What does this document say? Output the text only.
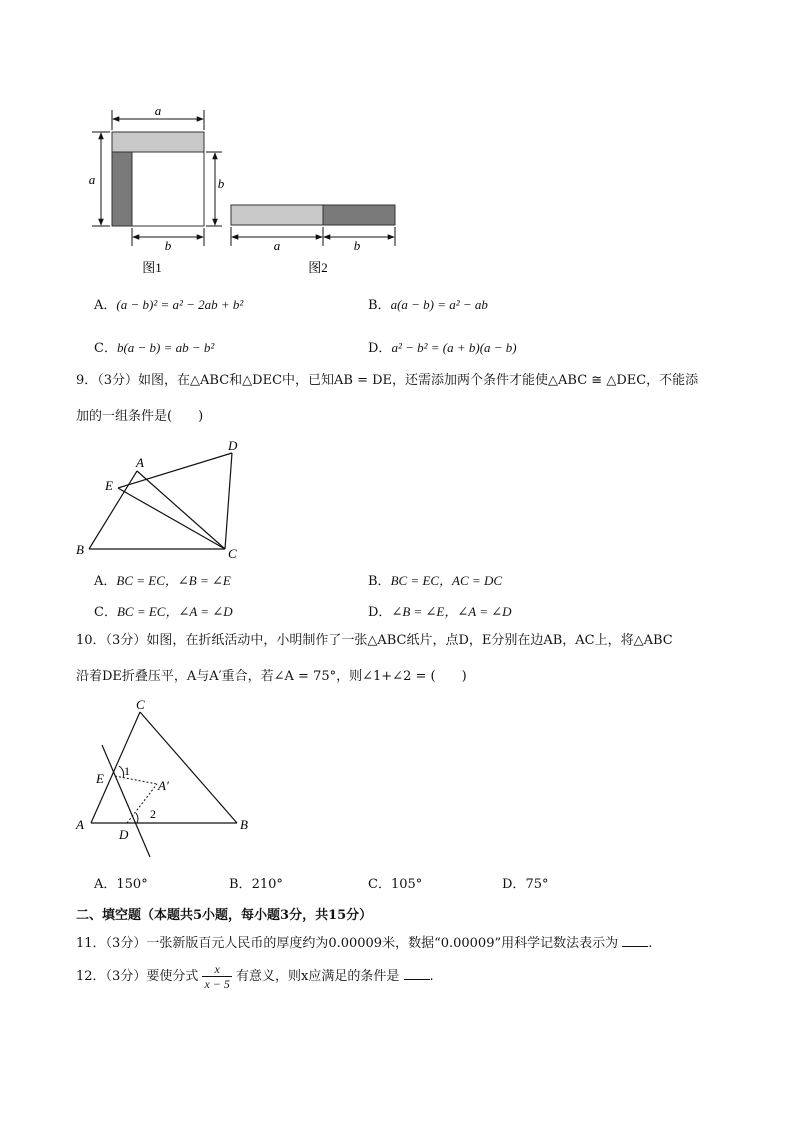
a
a	b
b
图1
a	b
图2
A．(a − b)² = a² − 2ab + b²	B．a(a − b) = a² − ab
C．b(a − b) = ab − b²	D．a² − b² = (a + b)(a − b)
9．（3分）如图，在△ABC和△DEC中，已知AB = DE，还需添加两个条件才能使△ABC ≅ △DEC，不能添
加的一组条件是(　　)
A
B	C
D
E
A．BC = EC，∠B = ∠E	B．BC = EC，AC = DC
C．BC = EC，∠A = ∠D	D．∠B = ∠E，∠A = ∠D
10．（3分）如图，在折纸活动中，小明制作了一张△ABC纸片，点D，E分别在边AB，AC上，将△ABC
沿着DE折叠压平，A与A′重合，若∠A = 75°，则∠1+∠2 = (　　)
A	B
C
D
E	A′
1
2
A．150°	B．210°	C．105°	D．75°
二、填空题（本题共5小题，每小题3分，共15分）
11．（3分）一张新版百元人民币的厚度约为0.00009米，数据“0.00009”用科学记数法表示为 .
12．（3分）要使分式 $\frac{x}{x - 5}$ 有意义，则x应满足的条件是 .
